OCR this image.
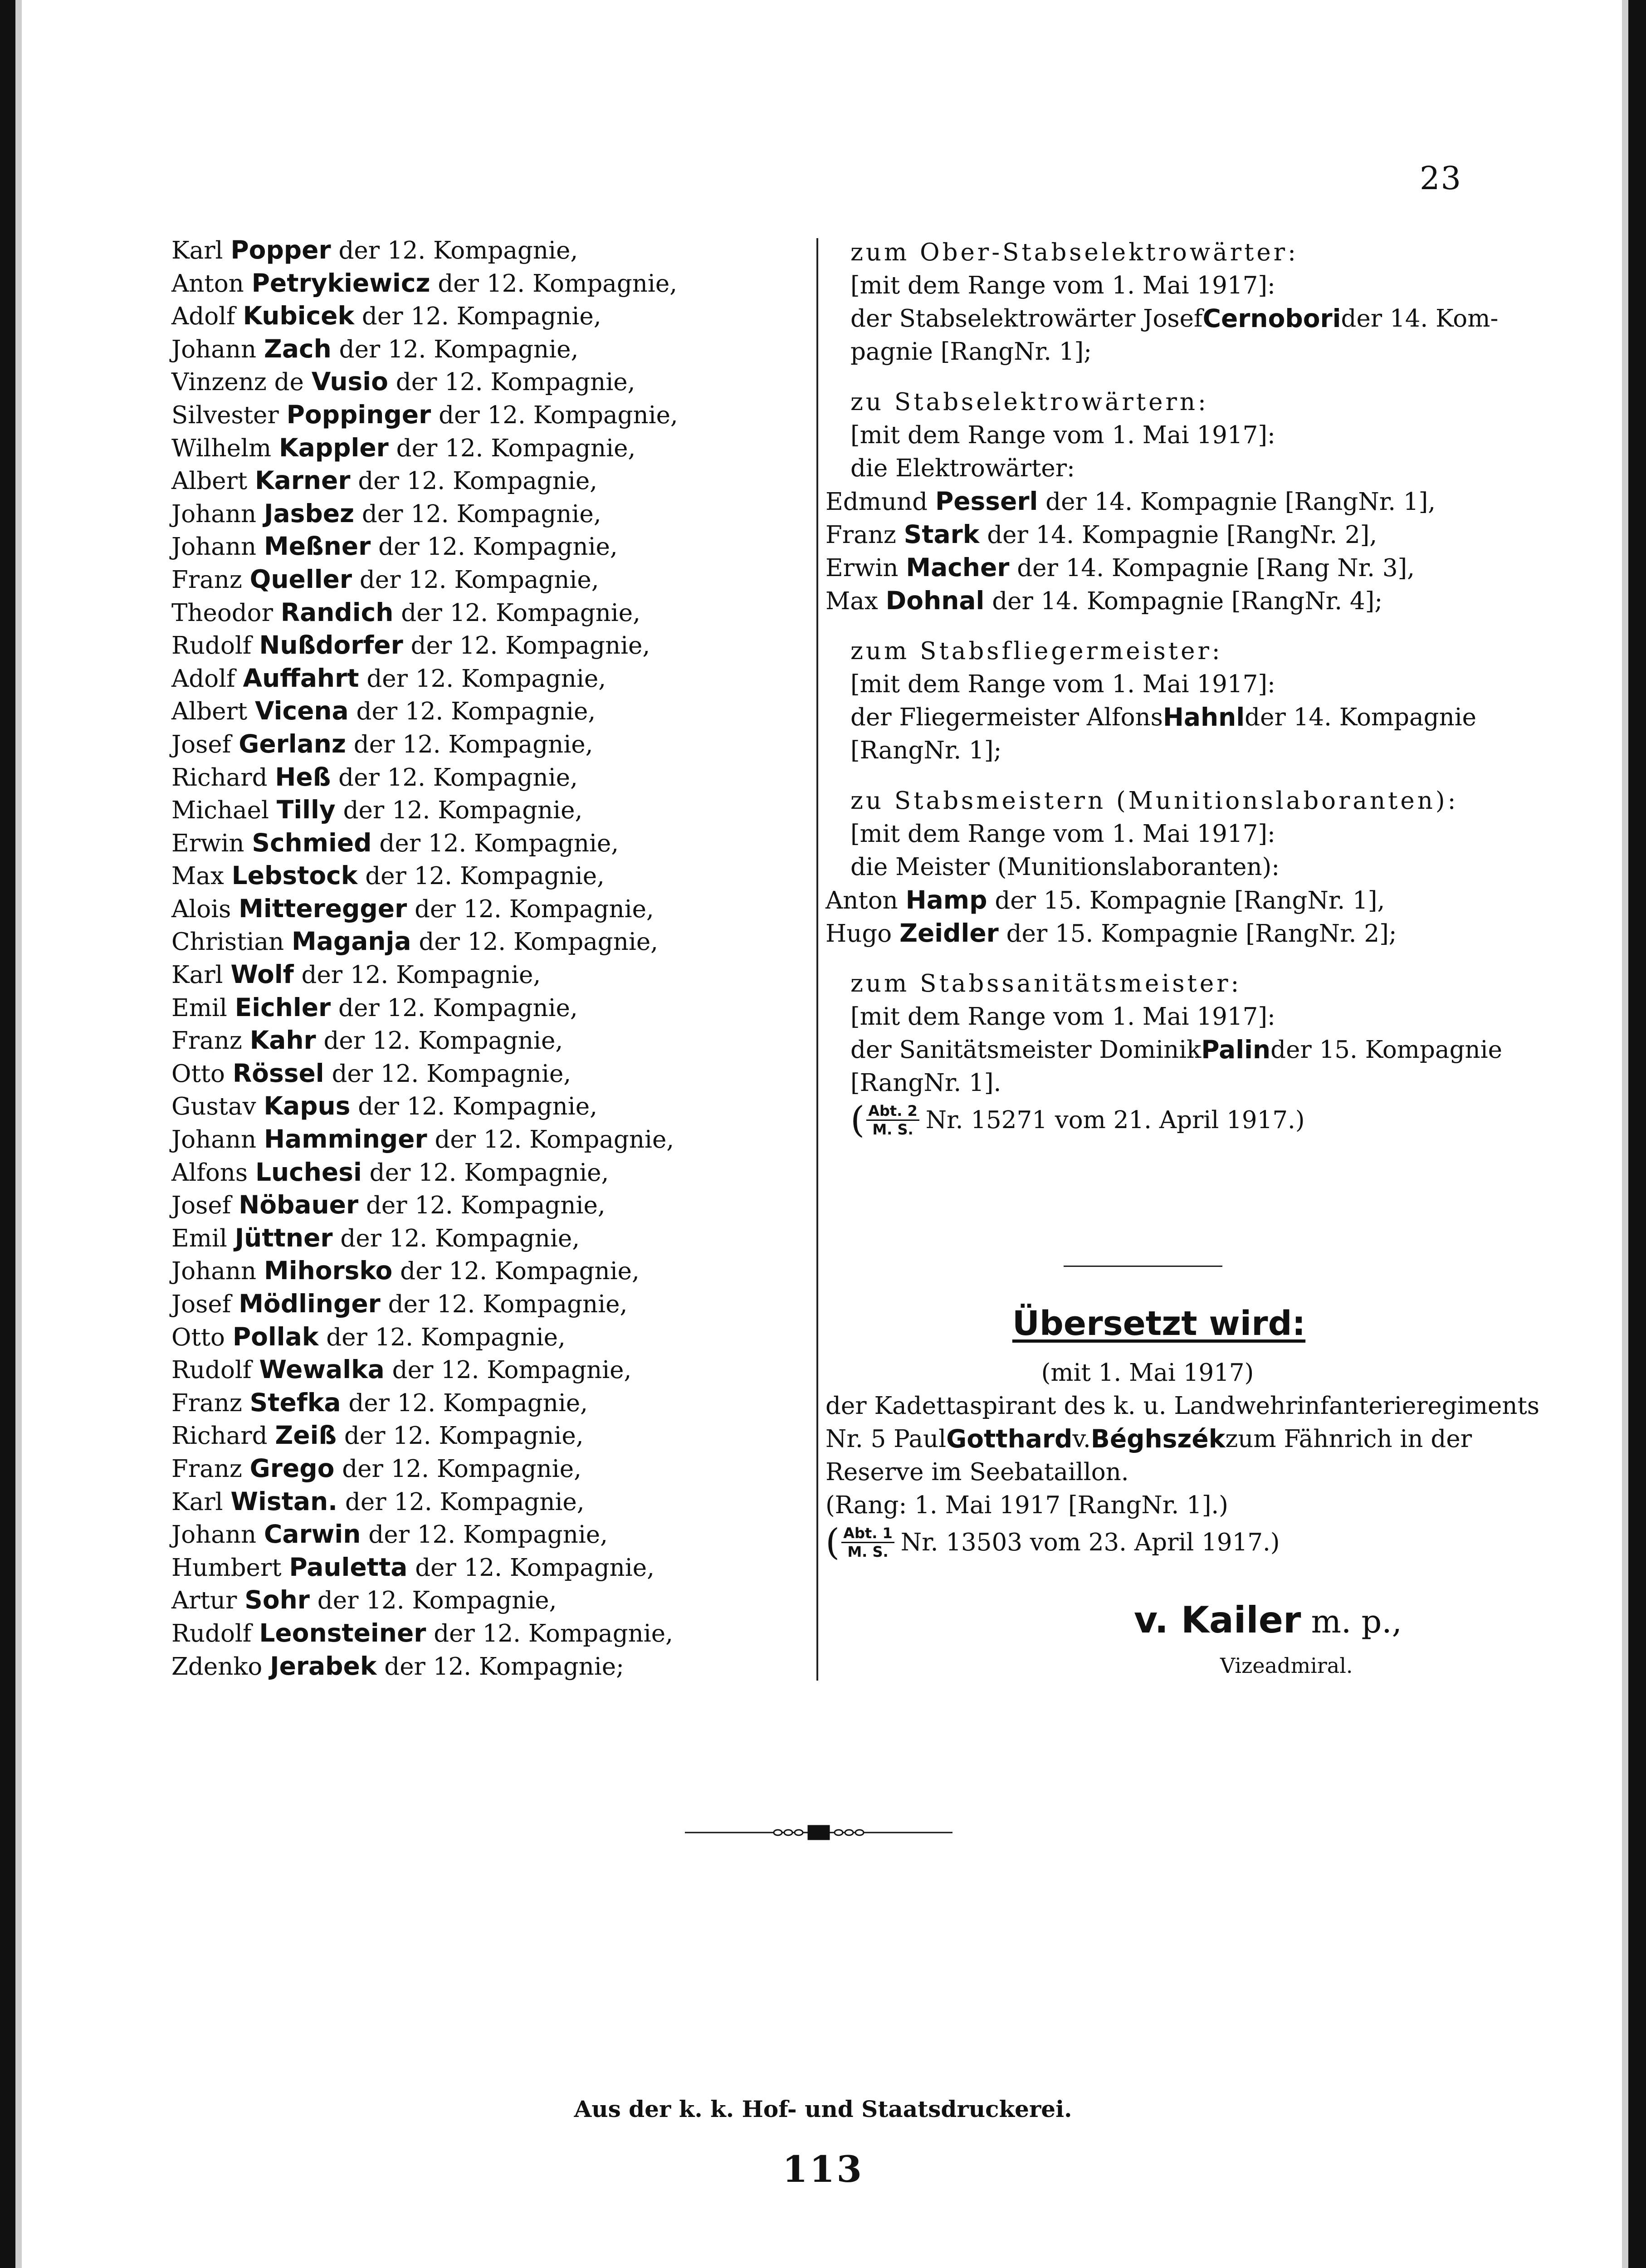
23
Karl Popper der 12. Kompagnie,
Anton Petrykiewicz der 12. Kompagnie,
Adolf Kubicek der 12. Kompagnie,
Johann Zach der 12. Kompagnie,
Vinzenz de Vusio der 12. Kompagnie,
Silvester Poppinger der 12. Kompagnie,
Wilhelm Kappler der 12. Kompagnie,
Albert Karner der 12. Kompagnie,
Johann Jasbez der 12. Kompagnie,
Johann Meßner der 12. Kompagnie,
Franz Queller der 12. Kompagnie,
Theodor Randich der 12. Kompagnie,
Rudolf Nußdorfer der 12. Kompagnie,
Adolf Auffahrt der 12. Kompagnie,
Albert Vicena der 12. Kompagnie,
Josef Gerlanz der 12. Kompagnie,
Richard Heß der 12. Kompagnie,
Michael Tilly der 12. Kompagnie,
Erwin Schmied der 12. Kompagnie,
Max Lebstock der 12. Kompagnie,
Alois Mitteregger der 12. Kompagnie,
Christian Maganja der 12. Kompagnie,
Karl Wolf der 12. Kompagnie,
Emil Eichler der 12. Kompagnie,
Franz Kahr der 12. Kompagnie,
Otto Rössel der 12. Kompagnie,
Gustav Kapus der 12. Kompagnie,
Johann Hamminger der 12. Kompagnie,
Alfons Luchesi der 12. Kompagnie,
Josef Nöbauer der 12. Kompagnie,
Emil Jüttner der 12. Kompagnie,
Johann Mihorsko der 12. Kompagnie,
Josef Mödlinger der 12. Kompagnie,
Otto Pollak der 12. Kompagnie,
Rudolf Wewalka der 12. Kompagnie,
Franz Stefka der 12. Kompagnie,
Richard Zeiß der 12. Kompagnie,
Franz Grego der 12. Kompagnie,
Karl Wistan. der 12. Kompagnie,
Johann Carwin der 12. Kompagnie,
Humbert Pauletta der 12. Kompagnie,
Artur Sohr der 12. Kompagnie,
Rudolf Leonsteiner der 12. Kompagnie,
Zdenko Jerabek der 12. Kompagnie;
zum Ober-Stabselektrowärter:
[mit dem Range vom 1. Mai 1917]:
der Stabselektrowärter Josef Cernobori der 14. Kom-
pagnie [RangNr. 1];
zu Stabselektrowärtern:
[mit dem Range vom 1. Mai 1917]:
die Elektrowärter:
Edmund Pesserl der 14. Kompagnie [RangNr. 1],
Franz Stark der 14. Kompagnie [RangNr. 2],
Erwin Macher der 14. Kompagnie [Rang Nr. 3],
Max Dohnal der 14. Kompagnie [RangNr. 4];
zum Stabsfliegermeister:
[mit dem Range vom 1. Mai 1917]:
der Fliegermeister Alfons Hahnl der 14. Kompagnie
[RangNr. 1];
zu Stabsmeistern (Munitionslaboranten):
[mit dem Range vom 1. Mai 1917]:
die Meister (Munitionslaboranten):
Anton Hamp der 15. Kompagnie [RangNr. 1],
Hugo Zeidler der 15. Kompagnie [RangNr. 2];
zum Stabssanitätsmeister:
[mit dem Range vom 1. Mai 1917]:
der Sanitätsmeister Dominik Palin der 15. Kompagnie
[RangNr. 1].
( $\frac{\text{Abt. 2}}{M. S.} Nr$. 15271 vom 21. April 1917.)
Übersetzt wird:
(mit 1. Mai 1917)
der Kadettaspirant des k. u. Landwehrinfanterieregiments
Nr. 5 Paul Gotthard v. Béghszék zum Fähnrich in der
Reserve im Seebataillon.
(Rang: 1. Mai 1917 [RangNr. 1].)
( $\frac{\text{Abt. 1}}{M. S.} Nr$. 13503 vom 23. April 1917.)
v. Kailer m. p.,
Vizeadmiral.
Aus der k. k. Hof- und Staatsdruckerei.
113
